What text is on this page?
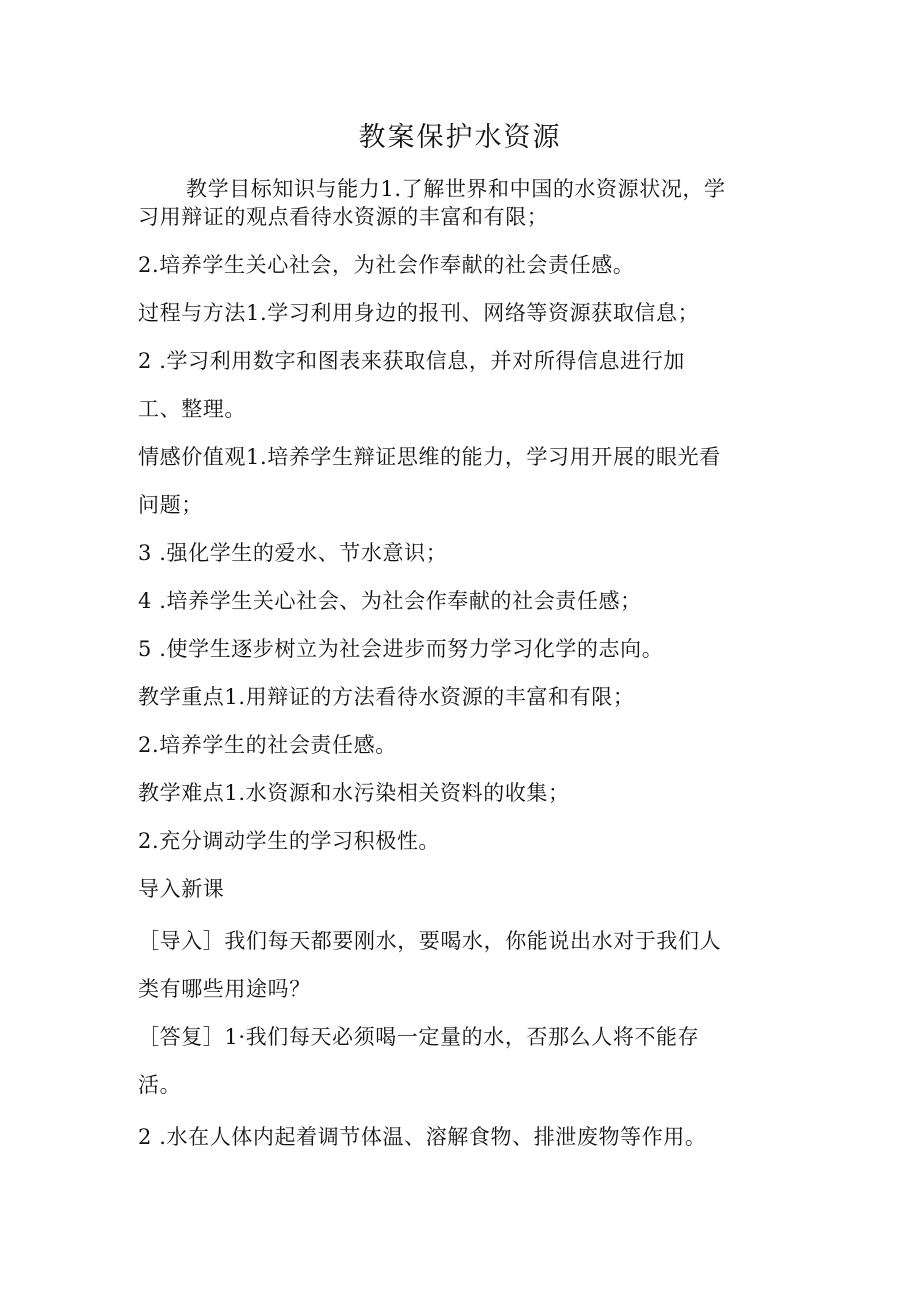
教案保护水资源
教学目标知识与能力1.了解世界和中国的水资源状况，学
习用辩证的观点看待水资源的丰富和有限；
2.培养学生关心社会，为社会作奉献的社会责任感。
过程与方法1.学习利用身边的报刊、网络等资源获取信息；
2 .学习利用数字和图表来获取信息，并对所得信息进行加
工、整理。
情感价值观1.培养学生辩证思维的能力，学习用开展的眼光看
问题；
3 .强化学生的爱水、节水意识；
4 .培养学生关心社会、为社会作奉献的社会责任感；
5 .使学生逐步树立为社会进步而努力学习化学的志向。
教学重点1.用辩证的方法看待水资源的丰富和有限；
2.培养学生的社会责任感。
教学难点1.水资源和水污染相关资料的收集；
2.充分调动学生的学习积极性。
导入新课
［导入］我们每天都要刚水，要喝水，你能说出水对于我们人
类有哪些用途吗？
［答复］1·我们每天必须喝一定量的水，否那么人将不能存
活。
2 .水在人体内起着调节体温、溶解食物、排泄废物等作用。
